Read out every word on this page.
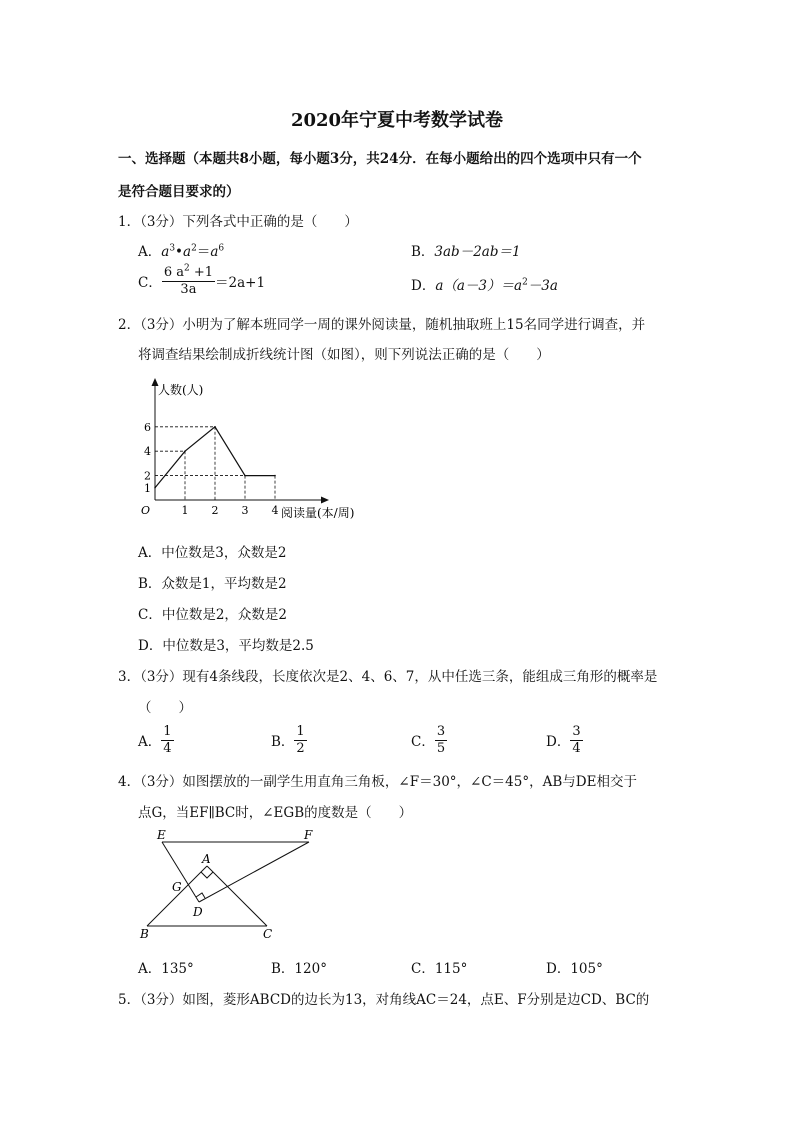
2020年宁夏中考数学试卷
一、选择题（本题共8小题，每小题3分，共24分．在每小题给出的四个选项中只有一个
是符合题目要求的）
1．（3分）下列各式中正确的是（　　）
A．$a^3•a^2=a^6$	B．3ab－2ab＝1
C． $\frac{6 a^2 +1}{3a} =2a+1$	D．$a(a-3)=a^2-3a$
2．（3分）小明为了解本班同学一周的课外阅读量，随机抽取班上15名同学进行调查，并
将调查结果绘制成折线统计图（如图），则下列说法正确的是（　　）
1 2 3 4
1
2
4
6
O
人数(人)
阅读量(本/周)
A．中位数是3，众数是2
B．众数是1，平均数是2
C．中位数是2，众数是2
D．中位数是3，平均数是2.5
3．（3分）现有4条线段，长度依次是2、4、6、7，从中任选三条，能组成三角形的概率是
（　　）
A． $\frac{1}{4}$	B． $\frac{1}{2}$	C． $\frac{3}{5}$	D． $\frac{3}{4}$
4．（3分）如图摆放的一副学生用直角三角板，∠F＝30°，∠C＝45°，AB与DE相交于
点G，当EF∥BC时，∠EGB的度数是（　　）
E	F
A
G
D
B	C
A．135°	B．120°	C．115°	D．105°
5．（3分）如图，菱形ABCD的边长为13，对角线AC＝24，点E、F分别是边CD、BC的
